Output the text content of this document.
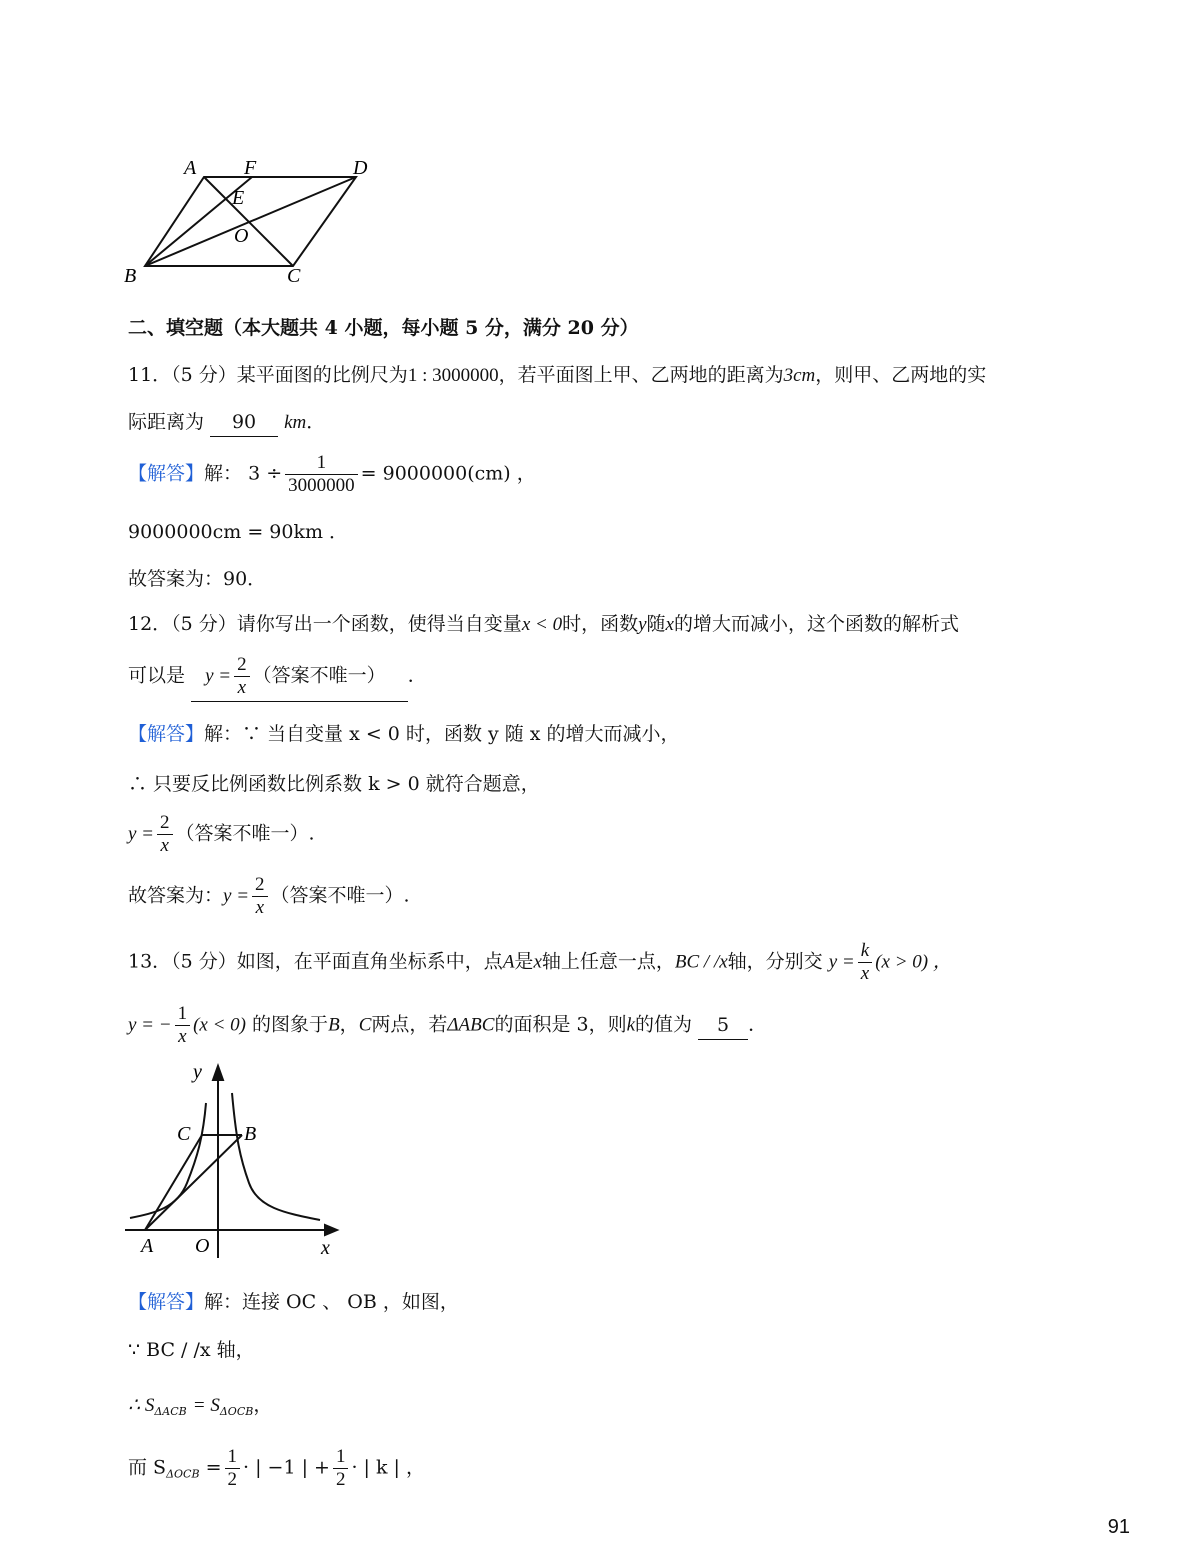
A F	D
E
O
B	C
二、填空题（本大题共 4 小题，每小题 5 分，满分 20 分）
11．（5 分）某平面图的比例尺为1 : 3000000，若平面图上甲、乙两地的距离为3cm，则甲、乙两地的实
际距离为 90 km．
【解答】解： $3 \div \frac{1}{3000000} = 9000000(cm)$ ，
9000000cm = 90km ．
故答案为：90．
12．（5 分）请你写出一个函数，使得当自变量x < 0时，函数y随x的增大而减小，这个函数的解析式
可以是 $y = \frac{2}{x}$ （答案不唯一） ．
【解答】解：∵ 当自变量 x < 0 时，函数 y 随 x 的增大而减小，
∴ 只要反比例函数比例系数 k > 0 就符合题意，
$y = \frac{2}{x}$ （答案不唯一）.
故答案为：$y = \frac{2}{x}$ （答案不唯一）.
13．（5 分）如图，在平面直角坐标系中，点A是x轴上任意一点，BC / /x轴，分别交 $y = \frac{k}{x} (x > 0)$ ，
y = − $\frac{1}{x} (x < 0)$ 的图象于B，C两点，若ΔABC的面积是 3，则k的值为 5 ．
y
C	B
A O	x
【解答】解：连接 OC 、 OB ，如图，
∵ BC / /x 轴，
∴ $S_{\Delta ACB} = S_{\Delta OCB}$，
而 $S_{\Delta OCB} = \frac{1}{2}$ · | −1 | + $\frac{1}{2}$ · | k | ，
91
